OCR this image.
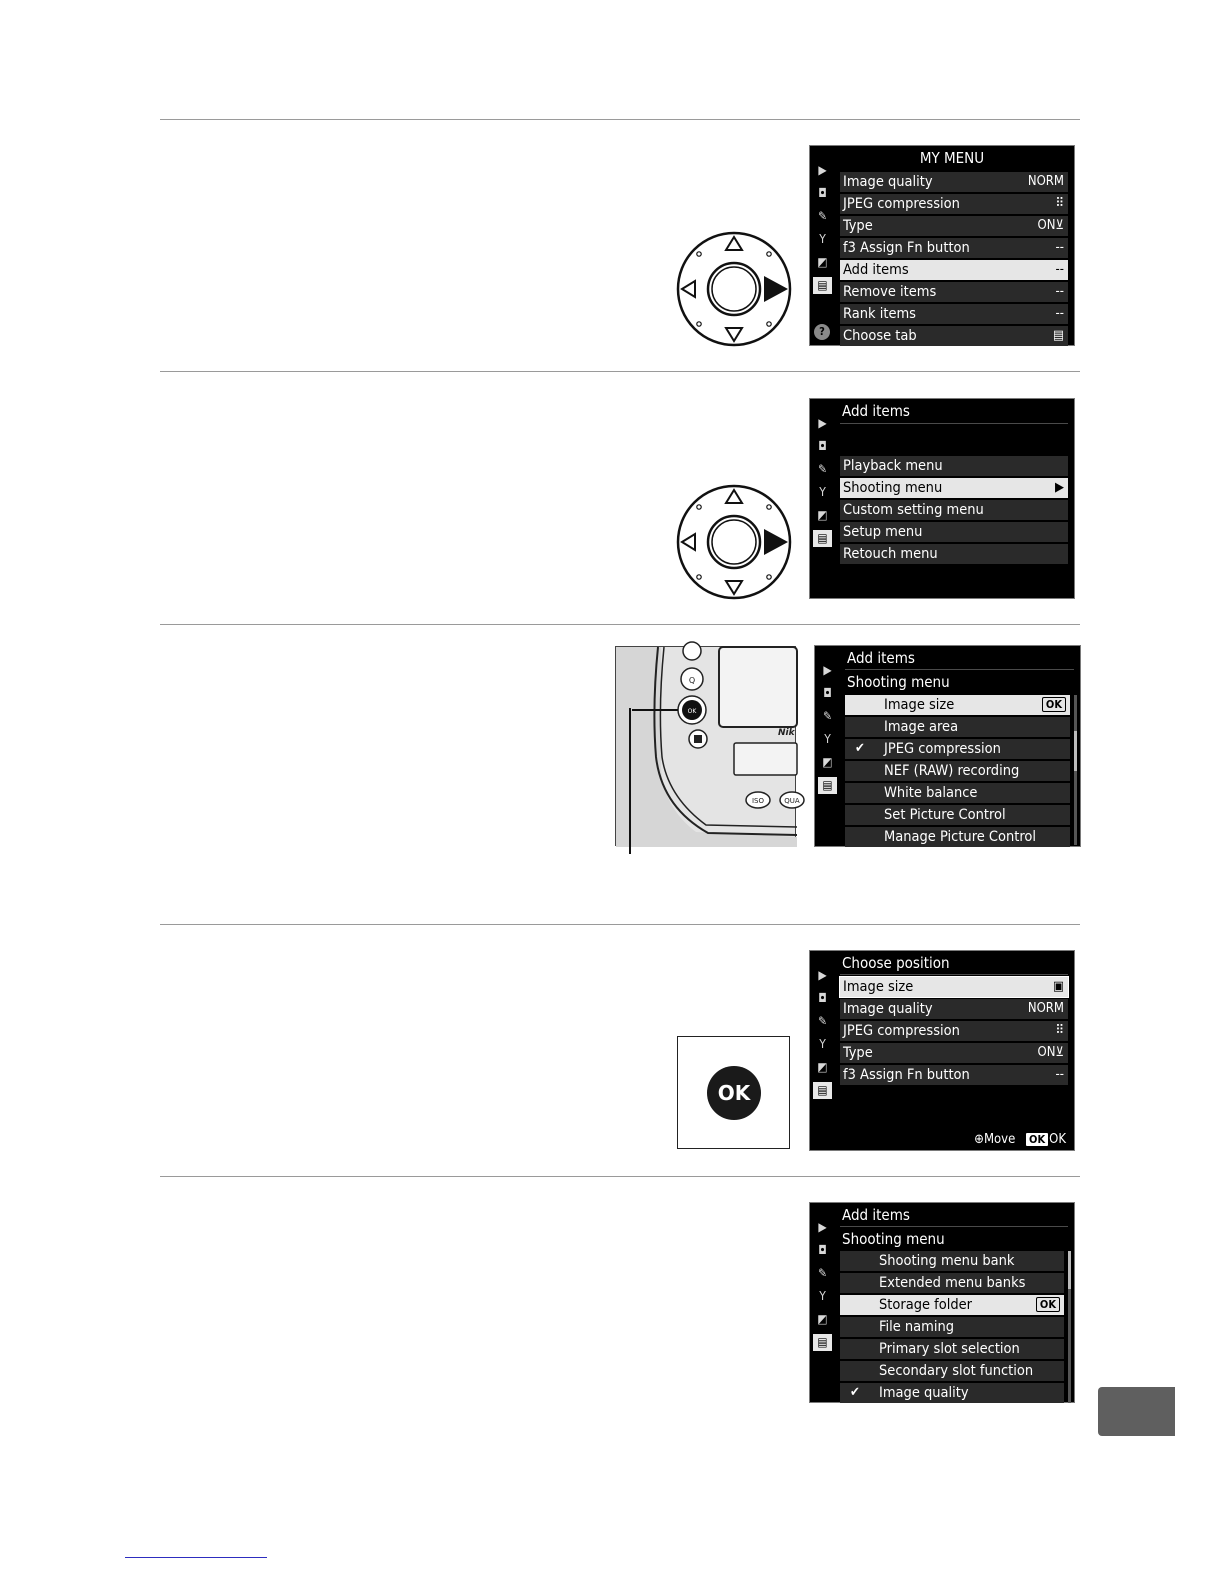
▶
◘
✎
Y
◩
▤
?
MY MENU
Image quality	NORM
JPEG compression	⠿
Type	ON⊻
f3 Assign Fn button	--
Add items	--
Remove items	--
Rank items	--
Choose tab	▤
▶
◘
✎
Y
◩
▤
Add items
Playback menu
Shooting menu	▶
Custom setting menu
Setup menu
Retouch menu
Q
OK
ISO	QUA
Nik
▶
◘
✎
Y
◩
▤
Add items
Shooting menu
Image size	OK
Image area
✔ JPEG compression
NEF (RAW) recording
White balance
Set Picture Control
Manage Picture Control
OK
▶
◘
✎
Y
◩
▤
Choose position
Image size	▣
Image quality	NORM
JPEG compression	⠿
Type	ON⊻
f3 Assign Fn button	--
⊕Move OK OK
▶
◘
✎
Y
◩
▤
Add items
Shooting menu
Shooting menu bank
Extended menu banks
Storage folder	OK
File naming
Primary slot selection
Secondary slot function
✔ Image quality
